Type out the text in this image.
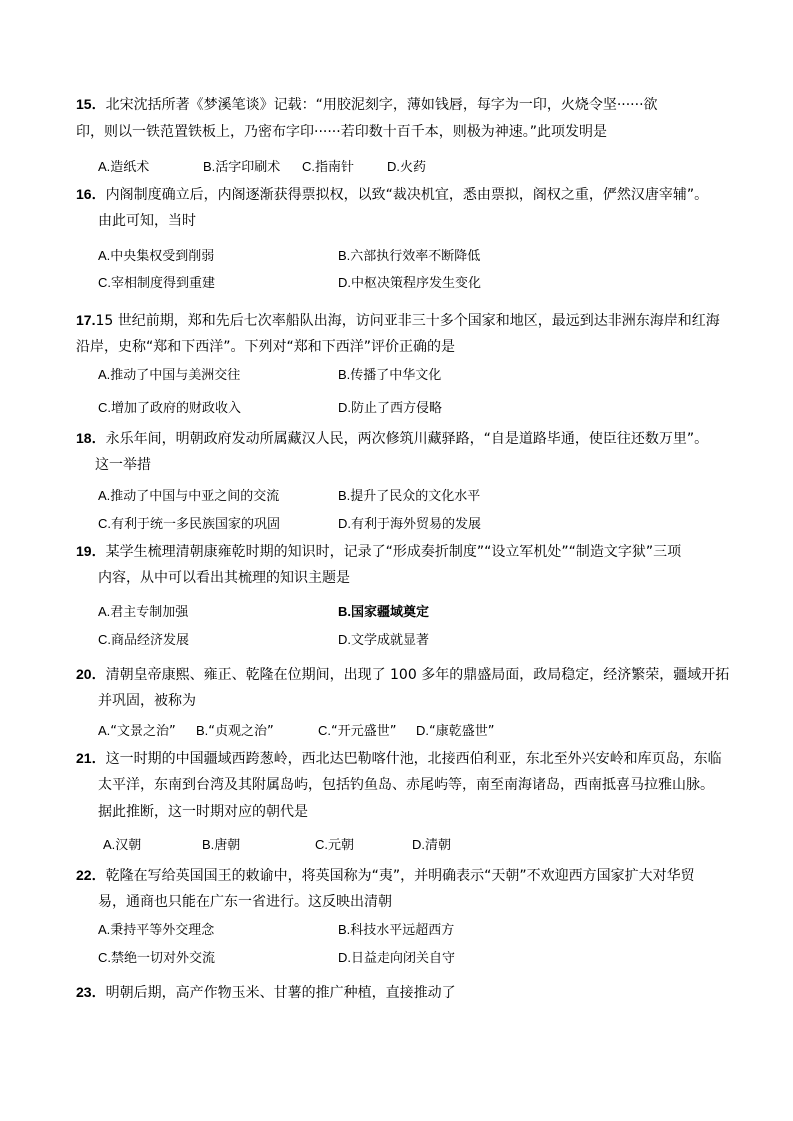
15．北宋沈括所著《梦溪笔谈》记载：“用胶泥刻字，薄如钱唇，每字为一印，火烧令坚······欲
印，则以一铁范置铁板上，乃密布字印······若印数十百千本，则极为神速。”此项发明是
A.造纸术	B.活字印刷术 C.指南针	D.火药
16．内阁制度确立后，内阁逐渐获得票拟权，以致“裁决机宜，悉由票拟，阁权之重，俨然汉唐宰辅”。
由此可知，当时
A.中央集权受到削弱	B.六部执行效率不断降低
C.宰相制度得到重建	D.中枢决策程序发生变化
17.15 世纪前期，郑和先后七次率船队出海，访问亚非三十多个国家和地区，最远到达非洲东海岸和红海
沿岸，史称“郑和下西洋”。下列对“郑和下西洋”评价正确的是
A.推动了中国与美洲交往	B.传播了中华文化
C.增加了政府的财政收入	D.防止了西方侵略
18．永乐年间，明朝政府发动所属藏汉人民，两次修筑川藏驿路，“自是道路毕通，使臣往还数万里”。
这一举措
A.推动了中国与中亚之间的交流	B.提升了民众的文化水平
C.有利于统一多民族国家的巩固	D.有利于海外贸易的发展
19．某学生梳理清朝康雍乾时期的知识时，记录了“形成奏折制度”“设立军机处”“制造文字狱”三项
内容，从中可以看出其梳理的知识主题是
A.君主专制加强	B.国家疆域奠定
C.商品经济发展	D.文学成就显著
20．清朝皇帝康熙、雍正、乾隆在位期间，出现了 100 多年的鼎盛局面，政局稳定，经济繁荣，疆域开拓
并巩固，被称为
A.“文景之治” B.“贞观之治”	C.“开元盛世” D.“康乾盛世”
21．这一时期的中国疆域西跨葱岭，西北达巴勒喀什池，北接西伯利亚，东北至外兴安岭和库页岛，东临
太平洋，东南到台湾及其附属岛屿，包括钓鱼岛、赤尾屿等，南至南海诸岛，西南抵喜马拉雅山脉。
据此推断，这一时期对应的朝代是
A.汉朝	B.唐朝	C.元朝	D.清朝
22．乾隆在写给英国国王的敕谕中，将英国称为“夷”，并明确表示“天朝”不欢迎西方国家扩大对华贸
易，通商也只能在广东一省进行。这反映出清朝
A.秉持平等外交理念	B.科技水平远超西方
C.禁绝一切对外交流	D.日益走向闭关自守
23．明朝后期，高产作物玉米、甘薯的推广种植，直接推动了
